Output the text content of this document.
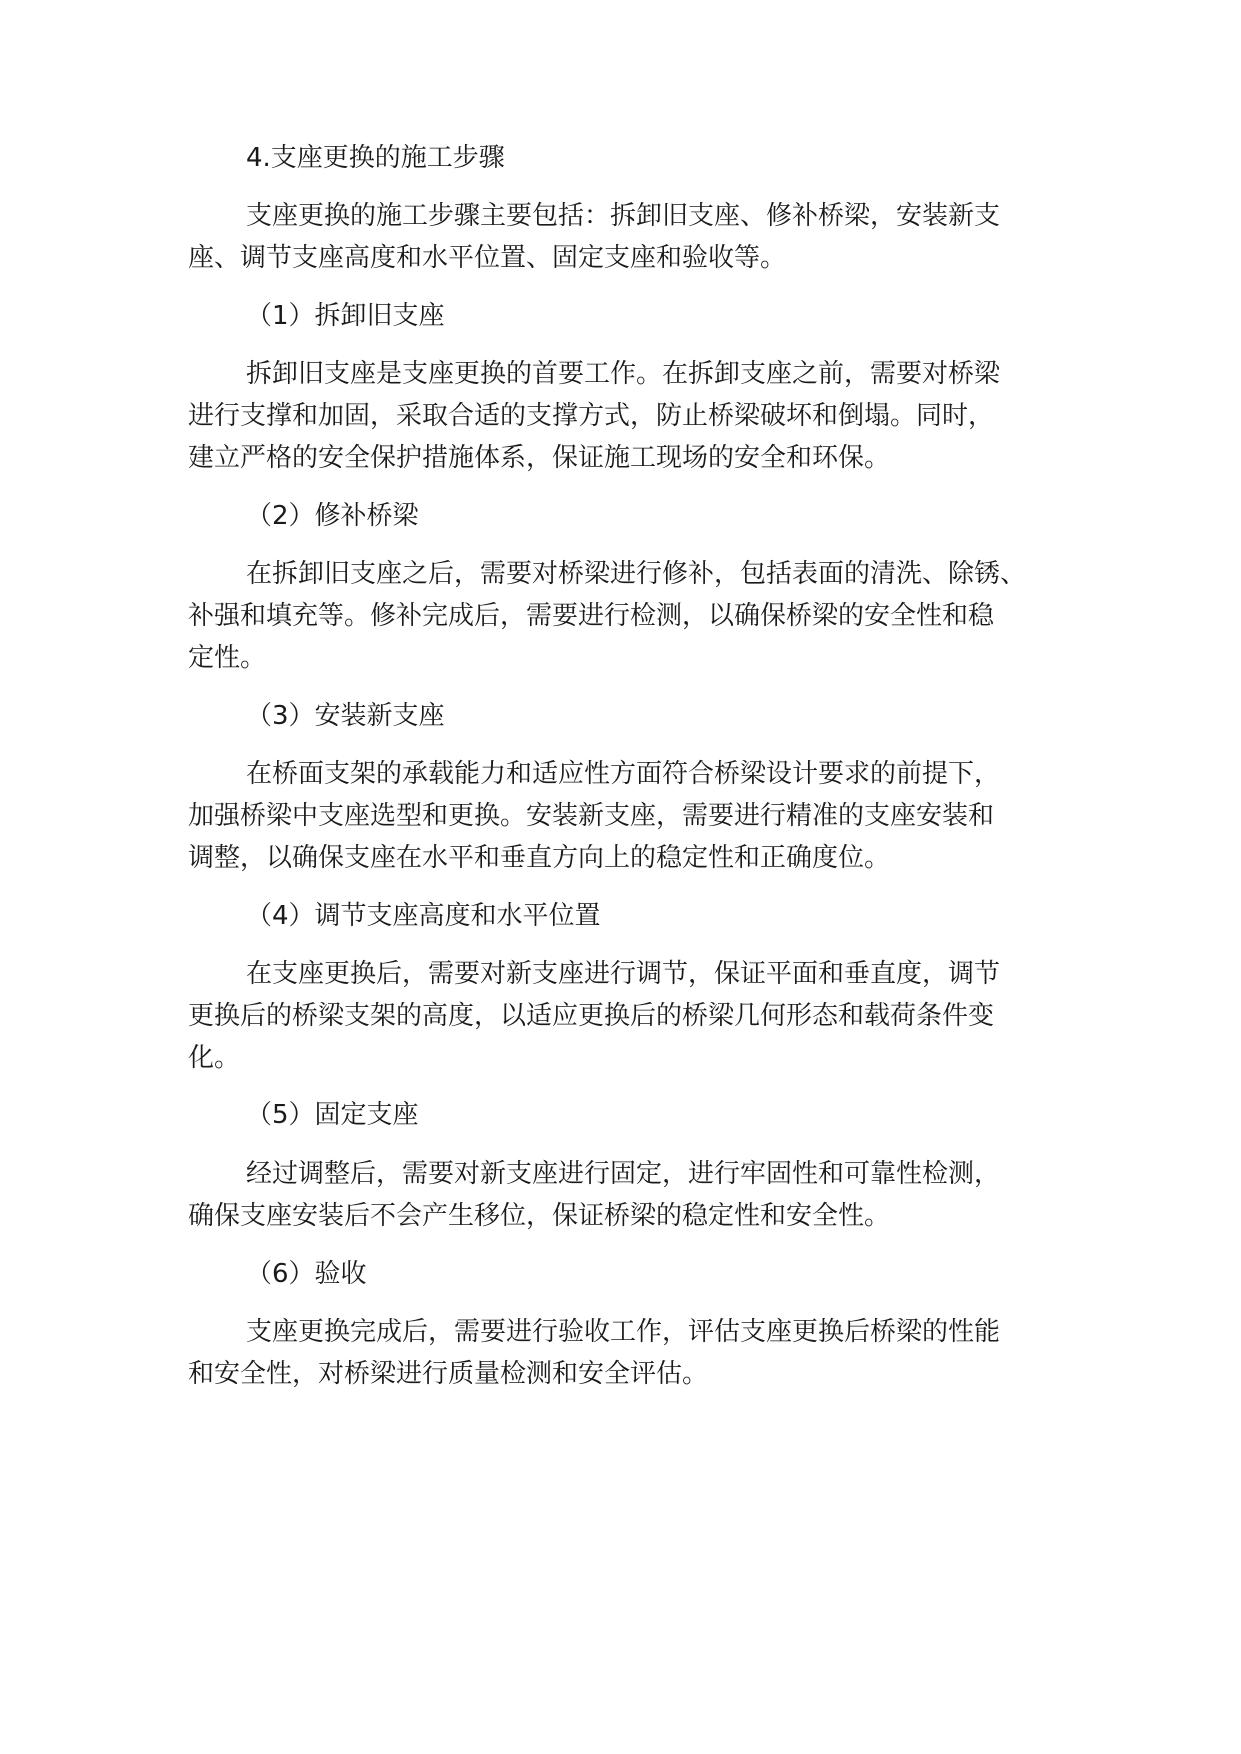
4.支座更换的施工步骤
支座更换的施工步骤主要包括：拆卸旧支座、修补桥梁，安装新支
座、调节支座高度和水平位置、固定支座和验收等。
（1）拆卸旧支座
拆卸旧支座是支座更换的首要工作。在拆卸支座之前，需要对桥梁
进行支撑和加固，采取合适的支撑方式，防止桥梁破坏和倒塌。同时，
建立严格的安全保护措施体系，保证施工现场的安全和环保。
（2）修补桥梁
在拆卸旧支座之后，需要对桥梁进行修补，包括表面的清洗、除锈、
补强和填充等。修补完成后，需要进行检测，以确保桥梁的安全性和稳
定性。
（3）安装新支座
在桥面支架的承载能力和适应性方面符合桥梁设计要求的前提下，
加强桥梁中支座选型和更换。安装新支座，需要进行精准的支座安装和
调整，以确保支座在水平和垂直方向上的稳定性和正确度位。
（4）调节支座高度和水平位置
在支座更换后，需要对新支座进行调节，保证平面和垂直度，调节
更换后的桥梁支架的高度，以适应更换后的桥梁几何形态和载荷条件变
化。
（5）固定支座
经过调整后，需要对新支座进行固定，进行牢固性和可靠性检测，
确保支座安装后不会产生移位，保证桥梁的稳定性和安全性。
（6）验收
支座更换完成后，需要进行验收工作，评估支座更换后桥梁的性能
和安全性，对桥梁进行质量检测和安全评估。
